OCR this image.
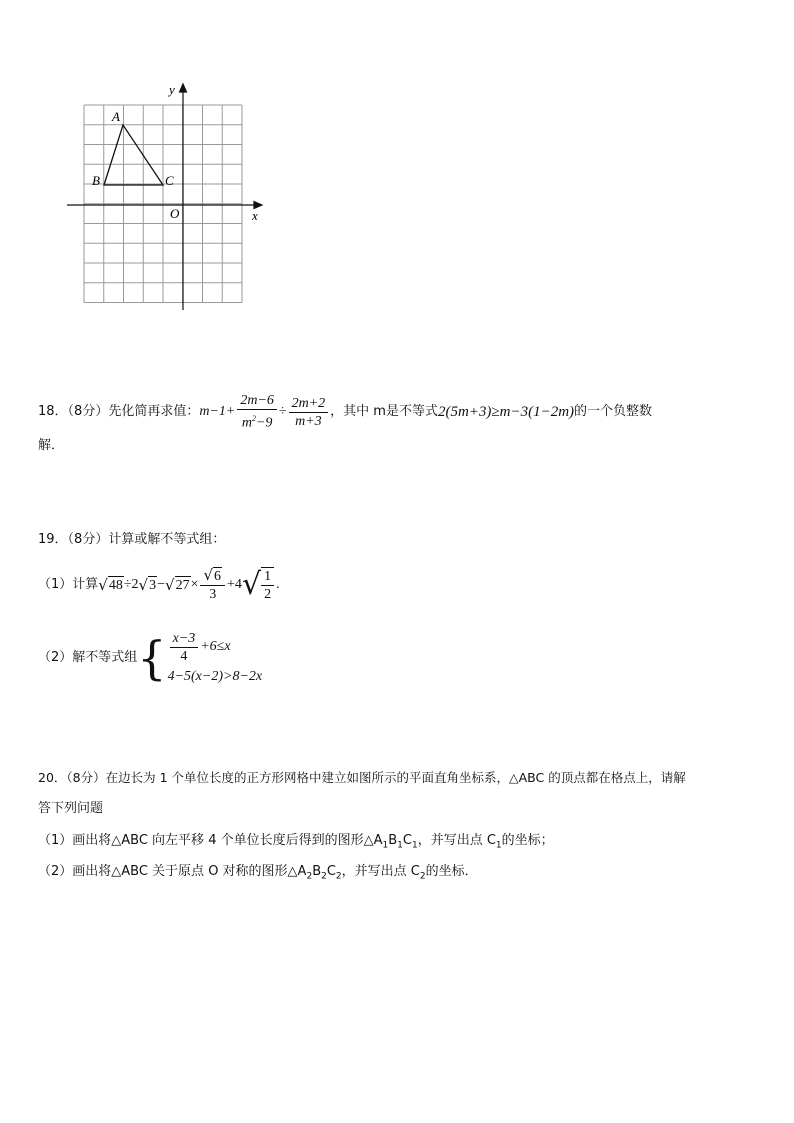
y
x
O
A
B	C
18．（8分）先化简再求值： $m-1+ \frac{2m-6}{m^2-9} \div \frac{2m+2}{m+3}$ ，其中 m是不等式 2(5m+3)≥m−3(1−2m) 的一个负整数
解．
19．（8分）计算或解不等式组：
（1）计算 √ 48 ÷2 √ 3 − √ $27 \times \frac{√6}{3} +4$ √ $\frac{1}{2}$ .
（2）解不等式组 { $\frac{x-3}{4} +6\le x$
4−5(x−2)>8−2x
20．（8分）在边长为 1 个单位长度的正方形网格中建立如图所示的平面直角坐标系，△ABC 的顶点都在格点上，请解
答下列问题
（1）画出将△ABC 向左平移 4 个单位长度后得到的图形$\triangle A_1B_1C_1$，并写出点 $C_1$的坐标；
（2）画出将△ABC 关于原点 O 对称的图形$\triangle A_2B_2C_2$，并写出点 $C_2$的坐标．
